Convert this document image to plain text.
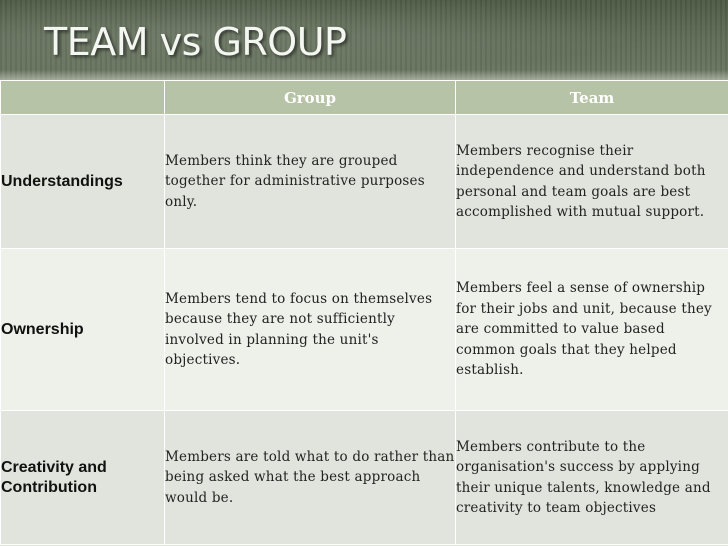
TEAM vs GROUP
	Group	Team
Understandings	Members think they are grouped together for administrative purposes only.	Members recognise their independence and understand both personal and team goals are best accomplished with mutual support.
Ownership	Members tend to focus on themselves because they are not sufficiently involved in planning the unit's objectives.	Members feel a sense of ownership for their jobs and unit, because they are committed to value based common goals that they helped establish.
Creativity and Contribution	Members are told what to do rather than being asked what the best approach would be.	Members contribute to the organisation's success by applying their unique talents, knowledge and creativity to team objectives
